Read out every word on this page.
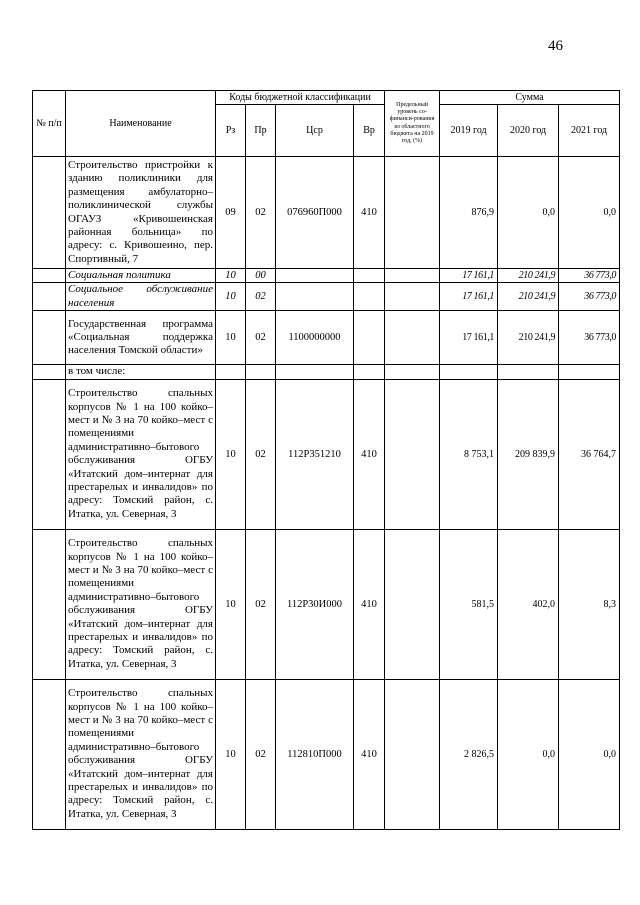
46
№ п/п	Наименование	Коды бюджетной классификации				Предельный уровень со-финанси-рования из областного бюджета на 2019 год, (%)	Сумма		
		Рз	Пр	Цср	Вр		2019 год	2020 год	2021 год
	Строительство пристройки к зданию поликлиники для размещения амбулаторно–поликлинической службы ОГАУЗ «Кривошеинская районная больница» по адресу: с. Кривошеино, пер. Спортивный, 7	09	02	076960П000	410		876,9	0,0	0,0
	Социальная политика	10	00				17 161,1	210 241,9	36 773,0
	Социальное обслуживание населения	10	02				17 161,1	210 241,9	36 773,0
	Государственная программа «Социальная поддержка населения Томской области»	10	02	1100000000			17 161,1	210 241,9	36 773,0
	в том числе:								
	Строительство спальных корпусов № 1 на 100 койко–мест и № 3 на 70 койко–мест с помещениями административно–бытового обслуживания ОГБУ «Итатский дом–интернат для престарелых и инвалидов» по адресу: Томский район, с. Итатка, ул. Северная, 3	10	02	112P351210	410		8 753,1	209 839,9	36 764,7
	Строительство спальных корпусов № 1 на 100 койко–мест и № 3 на 70 койко–мест с помещениями административно–бытового обслуживания ОГБУ «Итатский дом–интернат для престарелых и инвалидов» по адресу: Томский район, с. Итатка, ул. Северная, 3	10	02	112P30И000	410		581,5	402,0	8,3
	Строительство спальных корпусов № 1 на 100 койко–мест и № 3 на 70 койко–мест с помещениями административно–бытового обслуживания ОГБУ «Итатский дом–интернат для престарелых и инвалидов» по адресу: Томский район, с. Итатка, ул. Северная, 3	10	02	112810П000	410		2 826,5	0,0	0,0
